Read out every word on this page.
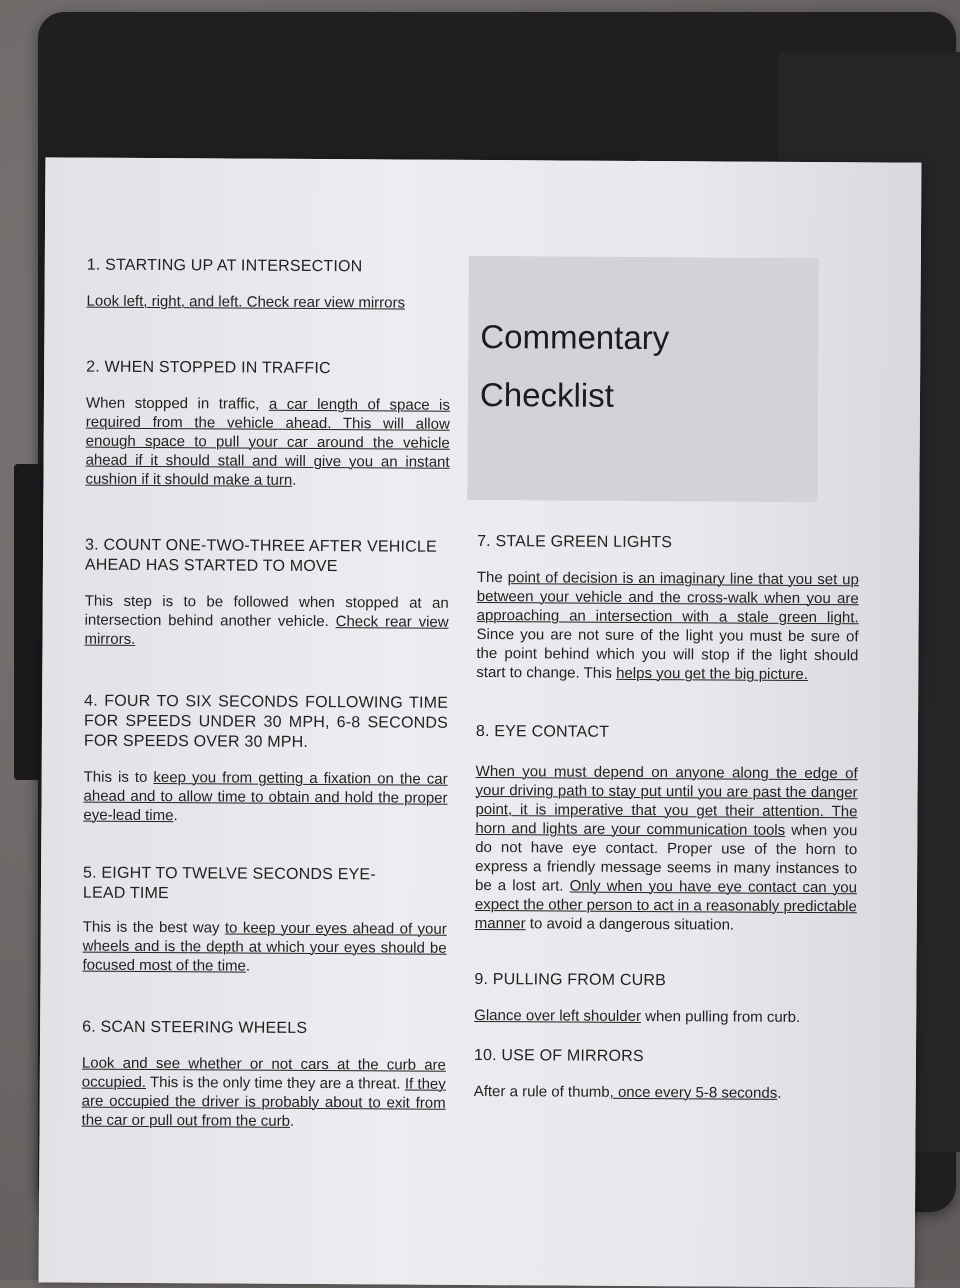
Commentary
Checklist
1. STARTING UP AT INTERSECTION
Look left, right, and left. Check rear view mirrors
2. WHEN STOPPED IN TRAFFIC
When stopped in traffic, a car length of space is required from the vehicle ahead. This will allow enough space to pull your car around the vehicle ahead if it should stall and will give you an instant cushion if it should make a turn.
3. COUNT ONE-TWO-THREE AFTER VEHICLE AHEAD HAS STARTED TO MOVE
This step is to be followed when stopped at an intersection behind another vehicle. Check rear view mirrors.
4. FOUR TO SIX SECONDS FOLLOWING TIME FOR SPEEDS UNDER 30 MPH, 6-8 SECONDS FOR SPEEDS OVER 30 MPH.
This is to keep you from getting a fixation on the car ahead and to allow time to obtain and hold the proper eye-lead time.
5. EIGHT TO TWELVE SECONDS EYE-LEAD TIME
This is the best way to keep your eyes ahead of your wheels and is the depth at which your eyes should be focused most of the time.
6. SCAN STEERING WHEELS
Look and see whether or not cars at the curb are occupied. This is the only time they are a threat. If they are occupied the driver is probably about to exit from the car or pull out from the curb.
7. STALE GREEN LIGHTS
The point of decision is an imaginary line that you set up between your vehicle and the cross-walk when you are approaching an intersection with a stale green light. Since you are not sure of the light you must be sure of the point behind which you will stop if the light should start to change. This helps you get the big picture.
8. EYE CONTACT
When you must depend on anyone along the edge of your driving path to stay put until you are past the danger point, it is imperative that you get their attention. The horn and lights are your communication tools when you do not have eye contact. Proper use of the horn to express a friendly message seems in many instances to be a lost art. Only when you have eye contact can you expect the other person to act in a reasonably predictable manner to avoid a dangerous situation.
9. PULLING FROM CURB
Glance over left shoulder when pulling from curb.
10. USE OF MIRRORS
After a rule of thumb, once every 5-8 seconds.
